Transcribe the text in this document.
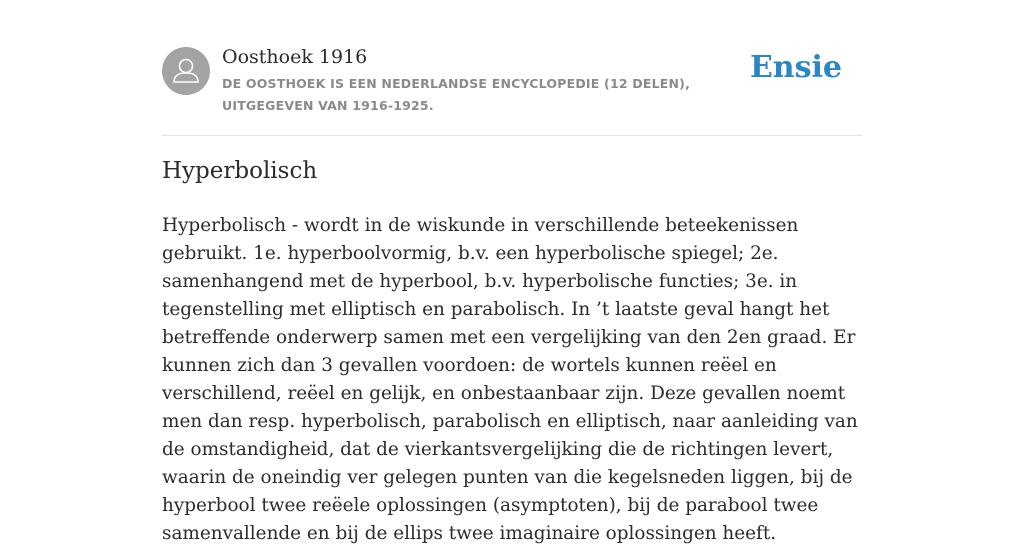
Oosthoek 1916
DE OOSTHOEK IS EEN NEDERLANDSE ENCYCLOPEDIE (12 DELEN), UITGEGEVEN VAN 1916-1925.
Ensie
Hyperbolisch

Hyperbolisch - wordt in de wiskunde in verschillende beteekenissen gebruikt. 1e. hyperboolvormig, b.v. een hyperbolische spiegel; 2e. samenhangend met de hyperbool, b.v. hyperbolische functies; 3e. in tegenstelling met elliptisch en parabolisch. In ’t laatste geval hangt het betreffende onderwerp samen met een vergelijking van den 2en graad. Er kunnen zich dan 3 gevallen voordoen: de wortels kunnen reëel en verschillend, reëel en gelijk, en onbestaanbaar zijn. Deze gevallen noemt men dan resp. hyperbolisch, parabolisch en elliptisch, naar aanleiding van de omstandigheid, dat de vierkantsvergelijking die de richtingen levert, waarin de oneindig ver gelegen punten van die kegelsneden liggen, bij de hyperbool twee reëele oplossingen (asymptoten), bij de parabool twee samenvallende en bij de ellips twee imaginaire oplossingen heeft.
